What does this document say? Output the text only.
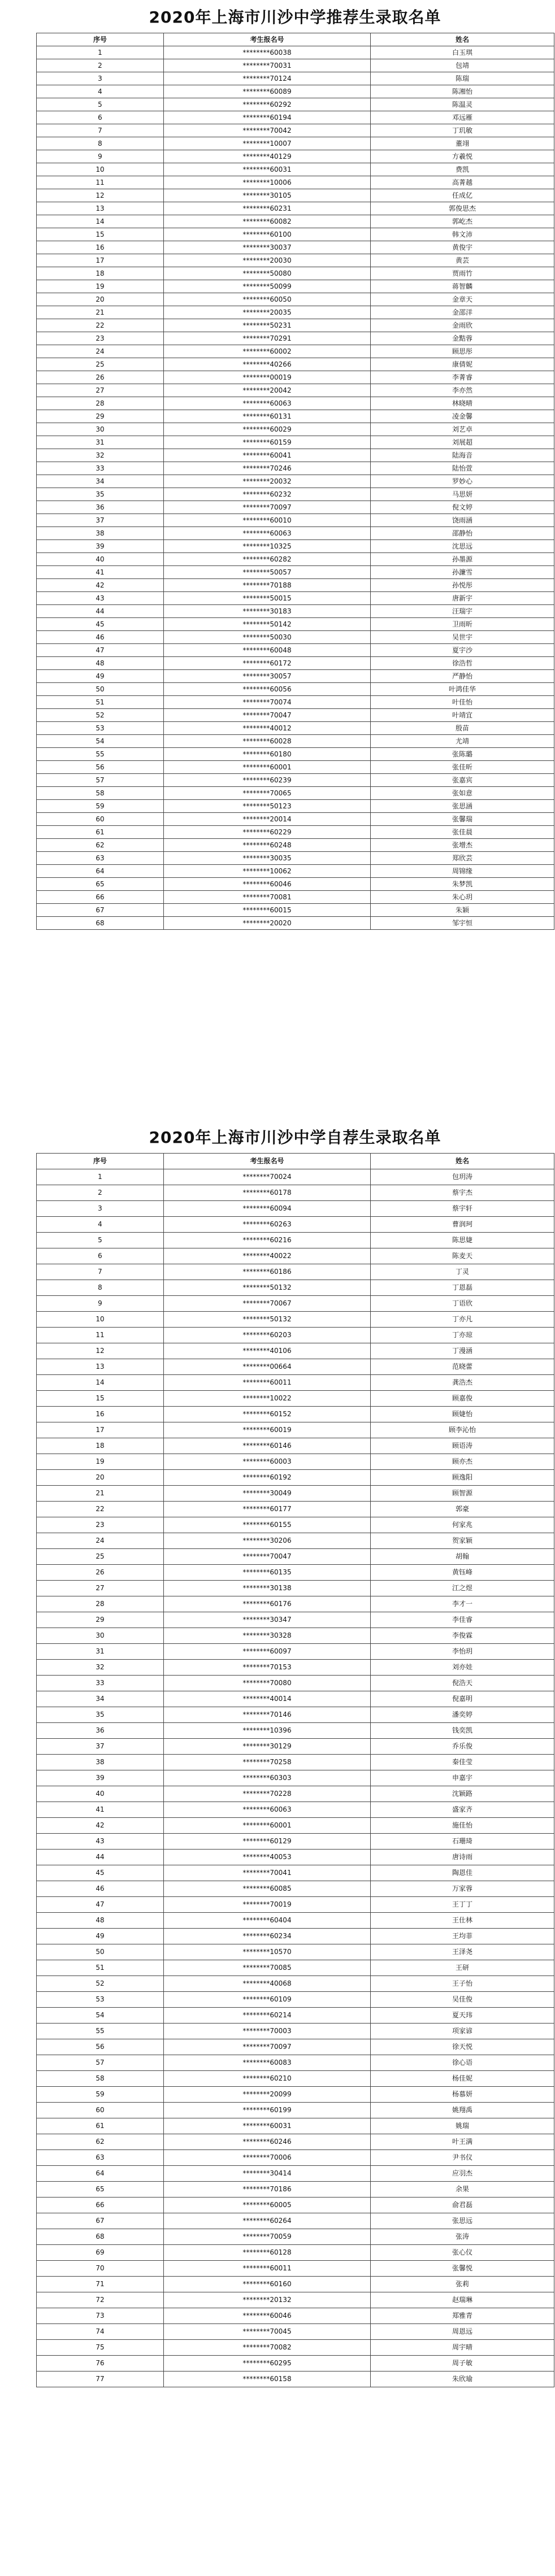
2020年上海市川沙中学推荐生录取名单
序号	考生报名号	姓名
1	********60038	白玉琪
2	********70031	包靖
3	********70124	陈瑞
4	********60089	陈湘怡
5	********60292	陈温灵
6	********60194	邓远雁
7	********70042	丁玑敏
8	********10007	董翊
9	********40129	方羲悦
10	********60031	费凯
11	********10006	高菁越
12	********30105	任成亿
13	********60231	郭俊思杰
14	********60082	郭屹杰
15	********60100	韩文沛
16	********30037	黄俊宇
17	********20030	黄芸
18	********50080	贾雨竹
19	********50099	蒋智麟
20	********60050	金章天
21	********20035	金邵洋
22	********50231	金雨欣
23	********70291	金黠蓉
24	********60002	顾思彤
25	********40266	康倩妮
26	********00019	李菁睿
27	********20042	李亦然
28	********60063	林晓晴
29	********60131	凌金馨
30	********60029	刘艺卓
31	********60159	刘展超
32	********60041	陆海音
33	********70246	陆怡萱
34	********20032	罗妙心
35	********60232	马思妍
36	********70097	倪文婷
37	********60010	饶雨涵
38	********60063	邵静怡
39	********10325	沈思远
40	********60282	孙墨源
41	********50057	孙濂雪
42	********70188	孙悦彤
43	********50015	唐新宇
44	********30183	汪瑞宇
45	********50142	卫雨昕
46	********50030	吴世宇
47	********60048	夏宇沙
48	********60172	徐浩哲
49	********30057	严静怡
50	********60056	叶鸿佳华
51	********70074	叶佳怡
52	********70047	叶靖宜
53	********40012	殷苗
54	********60028	尤靖
55	********60180	张陈璐
56	********60001	张佳昕
57	********60239	张嘉宾
58	********70065	张如意
59	********50123	张思涵
60	********20014	张馨瑞
61	********60229	张佳晨
62	********60248	张增杰
63	********30035	郑欣芸
64	********10062	周锦缘
65	********60046	朱梦凯
66	********70081	朱心玥
67	********60015	朱颖
68	********20020	邹宇恒
2020年上海市川沙中学自荐生录取名单
序号	考生报名号	姓名
1	********70024	包玥涛
2	********60178	蔡宇杰
3	********60094	蔡宇轩
4	********60263	曹润珂
5	********60216	陈思婕
6	********40022	陈麦天
7	********60186	丁灵
8	********50132	丁恩磊
9	********70067	丁语欣
10	********50132	丁亦凡
11	********60203	丁亦琼
12	********40106	丁漫涵
13	********00664	范晓蕾
14	********60011	龚浩杰
15	********10022	顾嘉俊
16	********60152	顾婕怡
17	********60019	顾李沁怡
18	********60146	顾语涛
19	********60003	顾亦杰
20	********60192	顾逸阳
21	********30049	顾智源
22	********60177	郭豪
23	********60155	何家兆
24	********30206	贺家颖
25	********70047	胡翰
26	********60135	黄钰峰
27	********30138	江之煜
28	********60176	李才一
29	********30347	李佳睿
30	********30328	李俊霖
31	********60097	李怡玥
32	********70153	刘亦娃
33	********70080	倪浩天
34	********40014	倪嘉明
35	********70146	潘奕婷
36	********10396	钱奕凯
37	********30129	乔乐俊
38	********70258	秦佳莹
39	********60303	申嘉宇
40	********70228	沈颖路
41	********60063	盛家齐
42	********60001	施佳怡
43	********60129	石珊琦
44	********40053	唐诗雨
45	********70041	陶恩佳
46	********60085	万家蓉
47	********70019	王丁丁
48	********60404	王仕林
49	********60234	王均菲
50	********10570	王泽尧
51	********70085	王研
52	********40068	王子怡
53	********60109	吴佳俊
54	********60214	夏天玮
55	********70003	项家谚
56	********70097	徐天悦
57	********60083	徐心语
58	********60210	杨佳妮
59	********20099	杨慕妍
60	********60199	姚翔禹
61	********60031	姚瑞
62	********60246	叶王满
63	********70006	尹书仪
64	********30414	应羽杰
65	********70186	余果
66	********60005	俞君磊
67	********60264	张思远
68	********70059	张涛
69	********60128	张心仪
70	********60011	张馨悦
71	********60160	张莉
72	********20132	赵瑞琳
73	********60046	郑雅青
74	********70045	周恩远
75	********70082	周宇晴
76	********60295	周子敏
77	********60158	朱欣瑜
